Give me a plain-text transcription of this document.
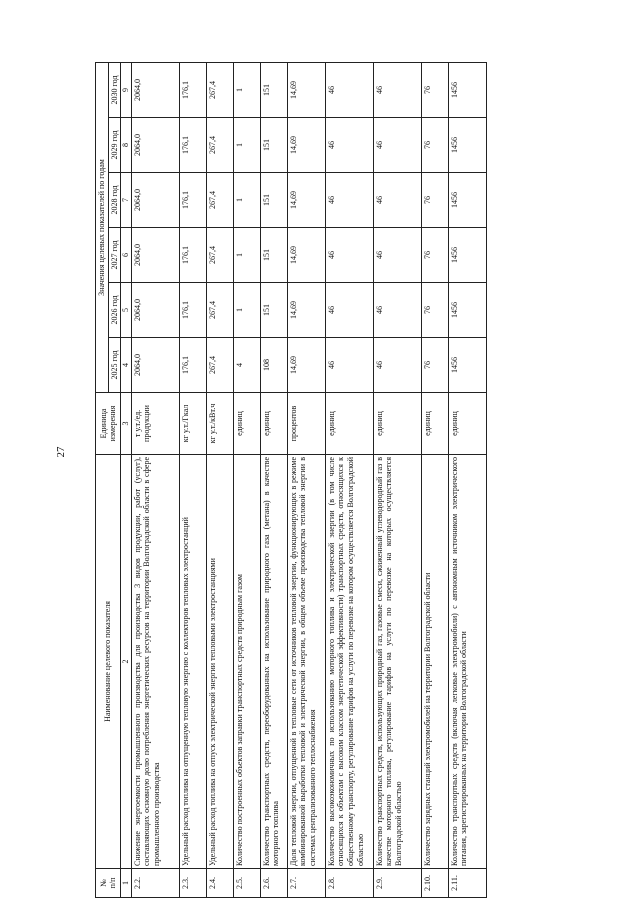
27
№
п/п	Наименование целевого показателя	Единица
измерения	Значения целевых показателей по годам					
			2025 год	2026 год	2027 год	2028 год	2029 год	2030 год
1	2	3	4	5	6	7	8	9
2.2.	Снижение энергоемкости промышленного производства для производства 3 видов продукции, работ (услуг), составляющих основную долю потребления энергетических ресурсов на территории Волгоградской области в сфере промышленного производства	т у.т./ед. продукции	2064,0	2064,0	2064,0	2064,0	2064,0	2064,0
2.3.	Удельный расход топлива на отпущенную тепловую энергию с коллекторов тепловых электростанций	кг у.т./Гкал	176,1	176,1	176,1	176,1	176,1	176,1
2.4.	Удельный расход топлива на отпуск электрической энергии тепловыми электростанциями	кг у.т./кВт.ч	267,4	267,4	267,4	267,4	267,4	267,4
2.5.	Количество построенных объектов заправки транспортных средств природным газом	единиц	4	1	1	1	1	1
2.6.	Количество транспортных средств, переоборудованных на использование природного газа (метана) в качестве моторного топлива	единиц	108	151	151	151	151	151
2.7.	Доля тепловой энергии, отпущенной в тепловые сети от источников тепловой энергии, функционирующих в режиме комбинированной выработки тепловой и электрической энергии, в общем объеме производства тепловой энергии в системах централизованного теплоснабжения	процентов	14,69	14,69	14,69	14,69	14,69	14,69
2.8.	Количество высокоэкономичных по использованию моторного топлива и электрической энергии (в том числе относящихся к объектам с высоким классом энергетической эффективности) транспортных средств, относящихся к общественному транспорту, регулирование тарифов на услуги по перевозке на котором осуществляется Волгоградской областью	единиц	46	46	46	46	46	46
2.9.	Количество транспортных средств, использующих природный газ, газовые смеси, сжиженный углеводородный газ в качестве моторного топлива, регулирование тарифов на услуги по перевозке на которых осуществляется Волгоградской областью	единиц	46	46	46	46	46	46
2.10.	Количество зарядных станций электромобилей на территории Волгоградской области	единиц	76	76	76	76	76	76
2.11.	Количество транспортных средств (включая легковые электромобили) с автономным источником электрического питания, зарегистрированных на территории Волгоградской области	единиц	1456	1456	1456	1456	1456	1456
